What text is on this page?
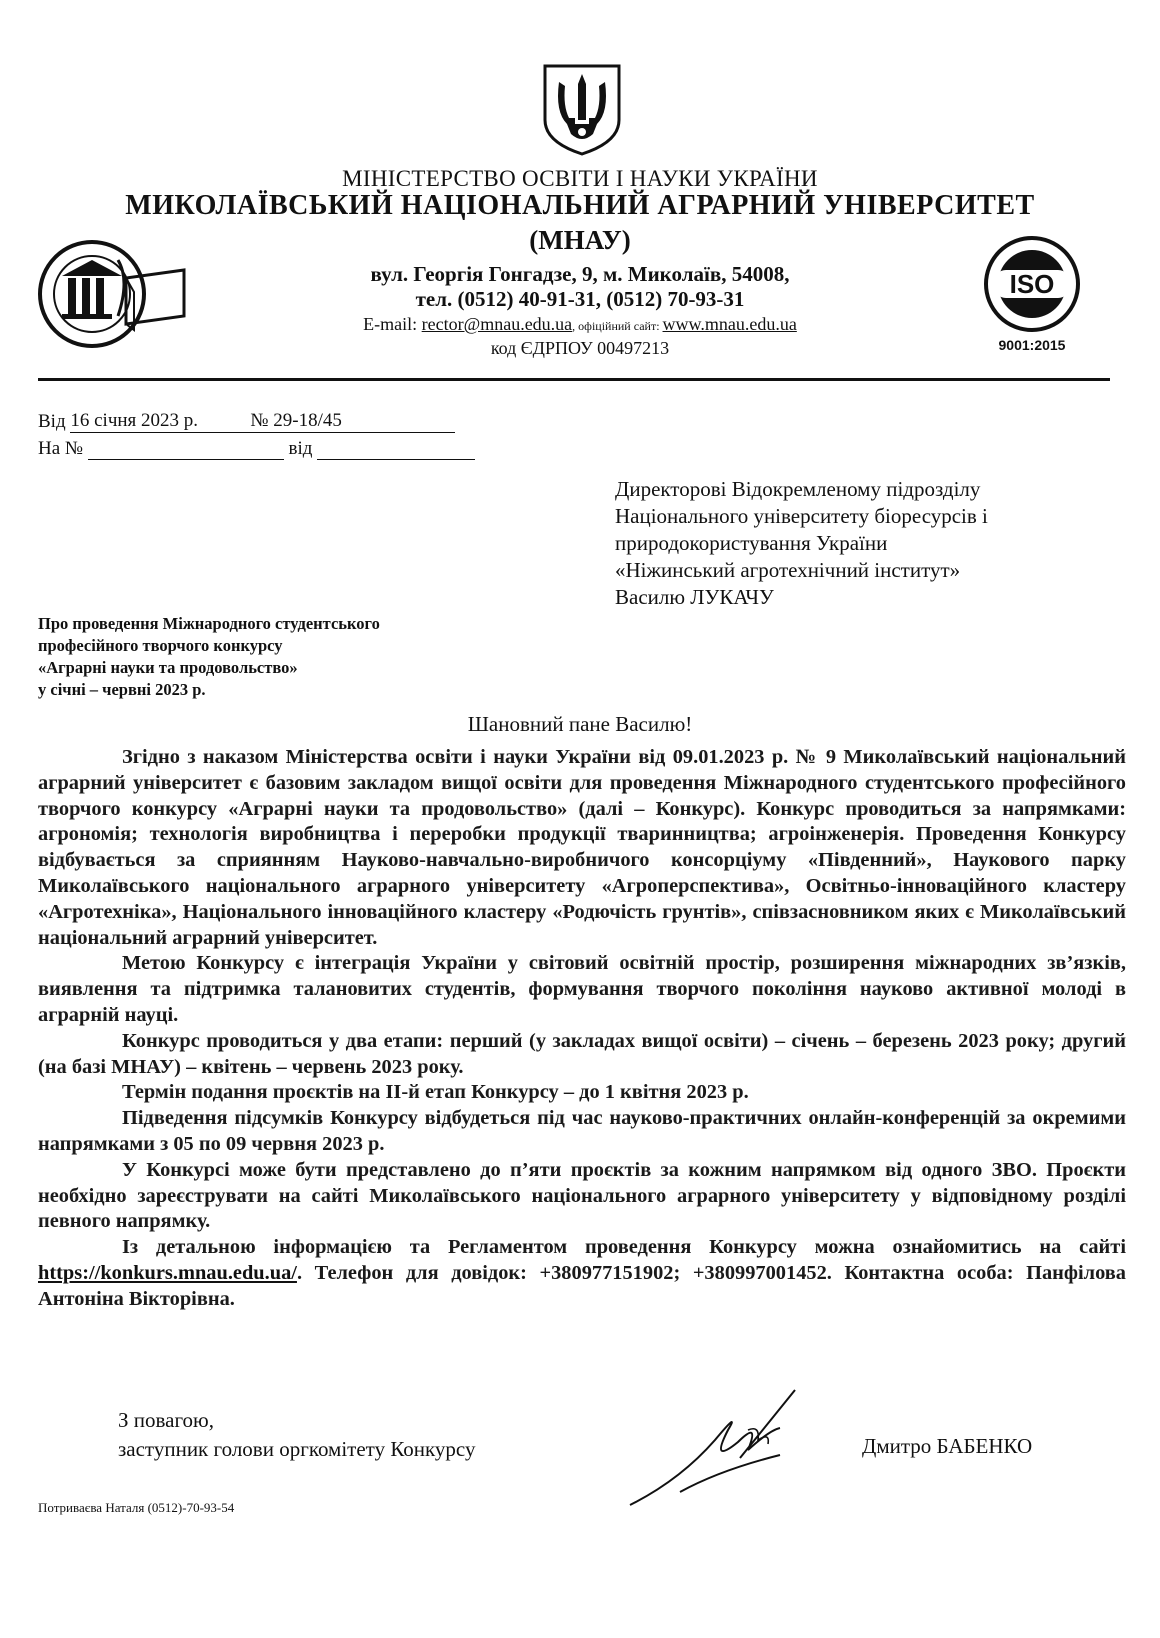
МІНІСТЕРСТВО ОСВІТИ І НАУКИ УКРАЇНИ
МИКОЛАЇВСЬКИЙ НАЦІОНАЛЬНИЙ АГРАРНИЙ УНІВЕРСИТЕТ
(МНАУ)
ISO
9001:2015
вул. Георгія Гонгадзе, 9, м. Миколаїв, 54008,
тел. (0512) 40-91-31, (0512) 70-93-31
E-mail: rector@mnau.edu.ua, офіційний сайт: www.mnau.edu.ua
код ЄДРПОУ 00497213
Від 16 січня 2023 р.	№ 29-18/45
На №	від
Директорові Відокремленому підрозділу
Національного університету біоресурсів і
природокористування України
«Ніжинський агротехнічний інститут»
Василю ЛУКАЧУ
Про проведення Міжнародного студентського
професійного творчого конкурсу
«Аграрні науки та продовольство»
у січні – червні 2023 р.
Шановний пане Василю!

Згідно з наказом Міністерства освіти і науки України від 09.01.2023 р. № 9 Миколаївський національний аграрний університет є базовим закладом вищої освіти для проведення Міжнародного студентського професійного творчого конкурсу «Аграрні науки та продовольство» (далі – Конкурс). Конкурс проводиться за напрямками: агрономія; технологія виробництва і переробки продукції тваринництва; агроінженерія. Проведення Конкурсу відбувається за сприянням Науково-навчально-виробничого консорціуму «Південний», Наукового парку Миколаївського національного аграрного університету «Агроперспектива», Освітньо-інноваційного кластеру «Агротехніка», Національного інноваційного кластеру «Родючість грунтів», співзасновником яких є Миколаївський національний аграрний університет.

Метою Конкурсу є інтеграція України у світовий освітній простір, розширення міжнародних зв’язків, виявлення та підтримка талановитих студентів, формування творчого покоління науково активної молоді в аграрній науці.

Конкурс проводиться у два етапи: перший (у закладах вищої освіти) – січень – березень 2023 року; другий (на базі МНАУ) – квітень – червень 2023 року.

Термін подання проєктів на ІІ-й етап Конкурсу – до 1 квітня 2023 р.

Підведення підсумків Конкурсу відбудеться під час науково-практичних онлайн-конференцій за окремими напрямками з 05 по 09 червня 2023 р.

У Конкурсі може бути представлено до п’яти проєктів за кожним напрямком від одного ЗВО. Проєкти необхідно зареєструвати на сайті Миколаївського національного аграрного університету у відповідному розділі певного напрямку.

Із детальною інформацією та Регламентом проведення Конкурсу можна ознайомитись на сайті https://konkurs.mnau.edu.ua/. Телефон для довідок: +380977151902; +380997001452. Контактна особа: Панфілова Антоніна Вікторівна.

З повагою,
заступник голови оргкомітету Конкурсу	Дмитро БАБЕНКО
Потриваєва Наталя (0512)-70-93-54
